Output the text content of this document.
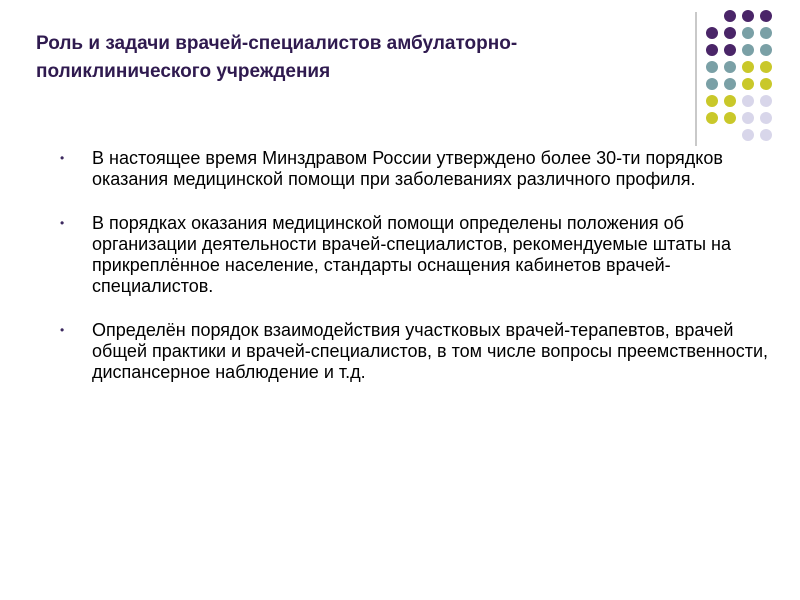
Роль и задачи врачей-специалистов амбулаторно-поликлинического учреждения
• В настоящее время Минздравом России утверждено более 30-ти порядков оказания медицинской помощи при заболеваниях различного профиля.
• В порядках оказания медицинской помощи определены положения об организации деятельности врачей-специалистов, рекомендуемые штаты на прикреплённое население, стандарты оснащения кабинетов врачей-специалистов.
• Определён порядок взаимодействия участковых врачей-терапевтов, врачей общей практики и врачей-специалистов, в том числе вопросы преемственности, диспансерное наблюдение и т.д.
